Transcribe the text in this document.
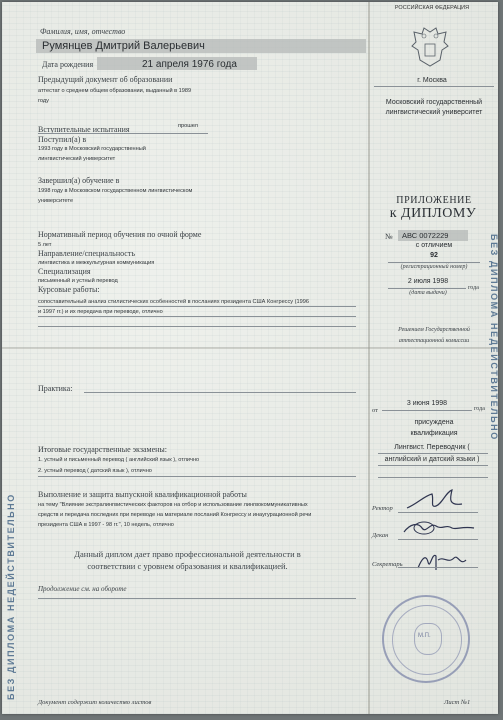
БЕЗ ДИПЛОМА НЕДЕЙСТВИТЕЛЬНО
БЕЗ ДИПЛОМА НЕДЕЙСТВИТЕЛЬНО
Фамилия, имя, отчество
Румянцев Дмитрий Валерьевич
Дата рождения	21 апреля 1976 года
Предыдущий документ об образовании
аттестат о среднем общем образовании, выданный в 1989 году
Вступительные испытания	прошел
Поступил(а) в
1993 году в Московский государственный лингвистический университет
Завершил(а) обучение в
1998 году в Московском государственном лингвистическом университете
Нормативный период обучения по очной форме
5 лет
Направление/специальность
лингвистика и межкультурная коммуникация
Специализация
письменный и устный перевод
Курсовые работы:
сопоставительный анализ стилистических особенностей в посланиях президента США Конгрессу (1996 и 1997 гг.) и их передача при переводе, отлично
Практика:
Итоговые государственные экзамены:
1. устный и письменный перевод ( английский язык ), отлично
2. устный перевод ( датский язык ), отлично
Выполнение и защита выпускной квалификационной работы
на тему "Влияние экстралингвистических факторов на отбор и использование лингвокоммуникативных средств и передача последних при переводе на материале посланий Конгрессу и инаугурационной речи президента США в 1997 - 98 гг.", 10 недель, отлично
Данный диплом дает право профессиональной деятельности в соответствии с уровнем образования и квалификацией.
Продолжение см. на обороте
Документ содержит количество листов	Лист №1
РОССИЙСКАЯ ФЕДЕРАЦИЯ
г. Москва
Московский государственный лингвистический университет
ПРИЛОЖЕНИЕ
к ДИПЛОМУ
№ АВС 0072229
с отличием
92
(регистрационный номер)
2 июля 1998
года
(дата выдачи)
Решением Государственной аттестационной комиссии
от
3 июня 1998
года
присуждена
квалификация
Лингвист. Переводчик ( английский и датский языки )
Ректор
Декан
Секретарь
М.П.
